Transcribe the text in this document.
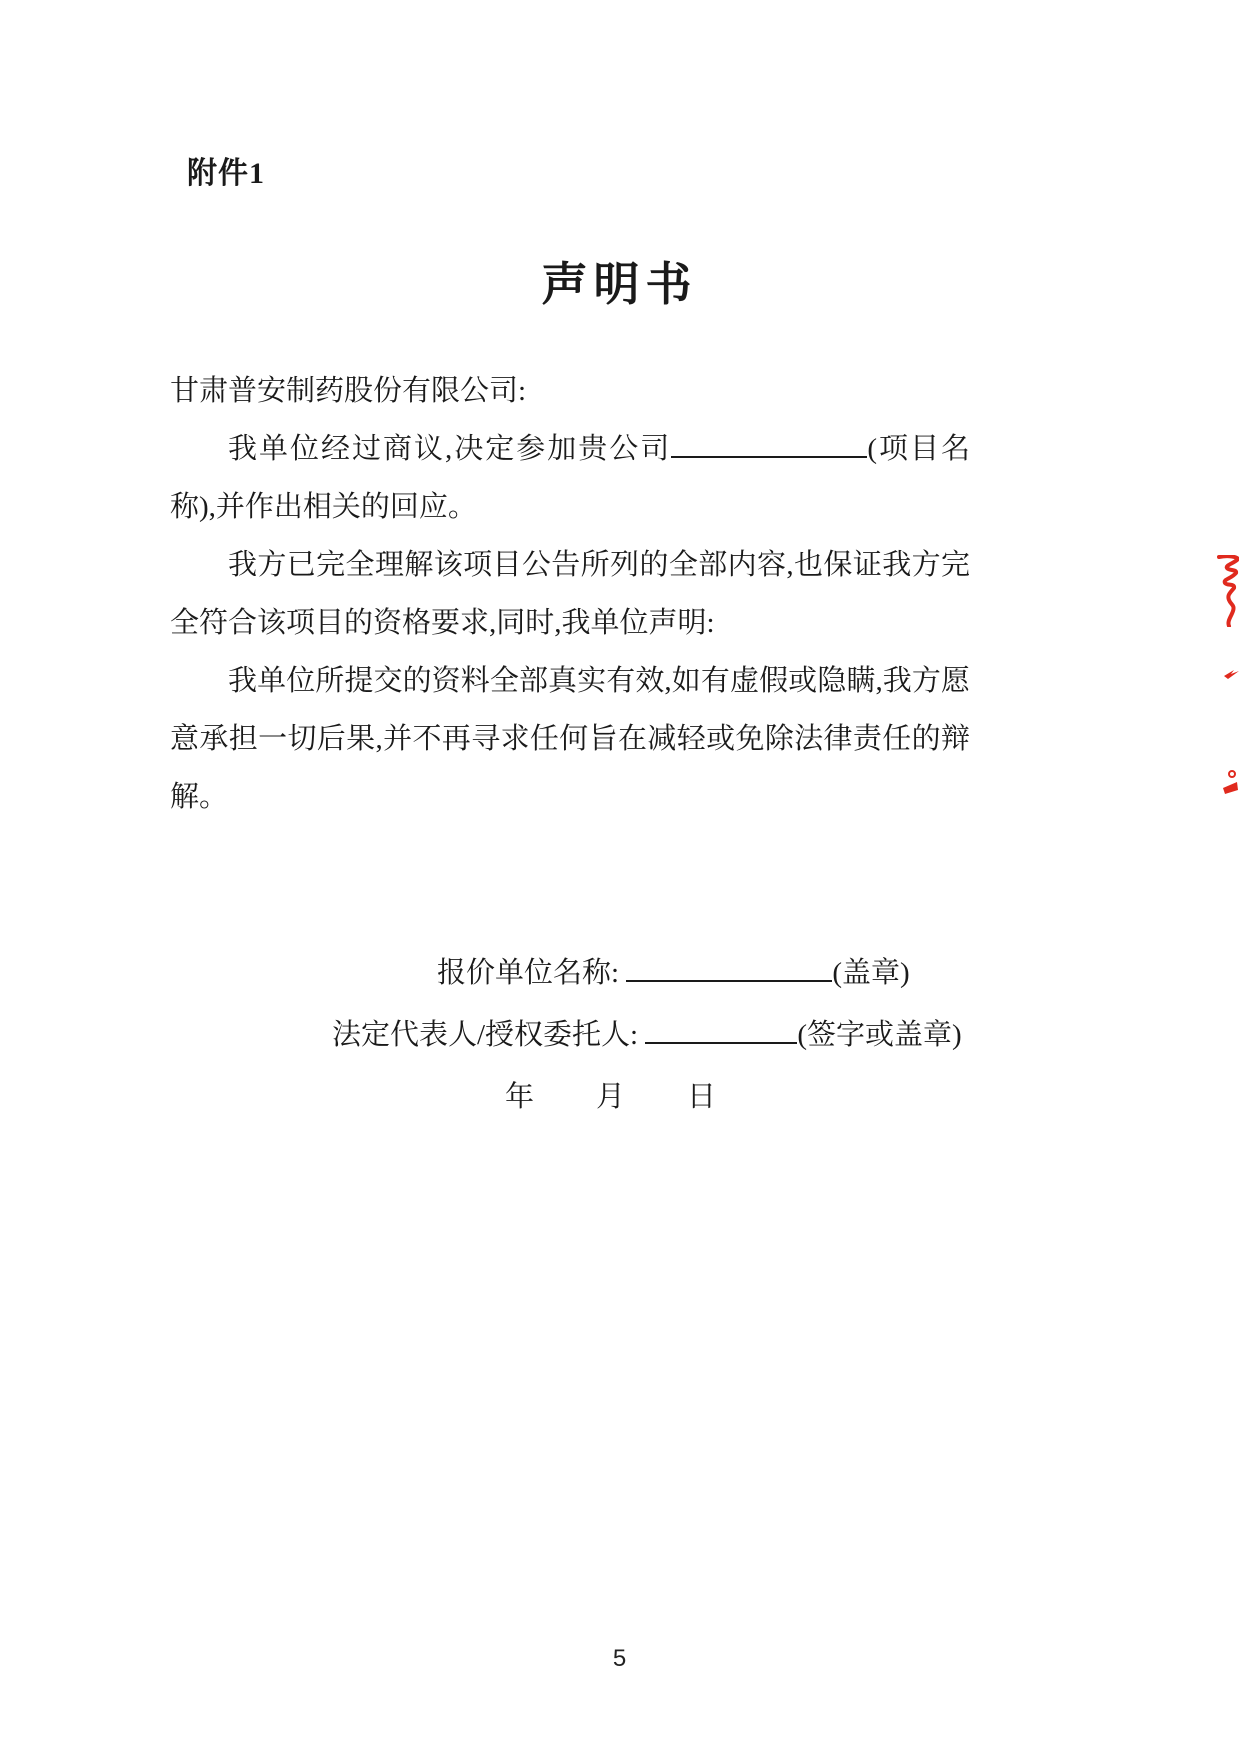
附件1
声明书

甘肃普安制药股份有限公司:

我单位经过商议,决定参加贵公司	(项目名称),并作出相关的回应。

我方已完全理解该项目公告所列的全部内容,也保证我方完全符合该项目的资格要求,同时,我单位声明:

我单位所提交的资料全部真实有效,如有虚假或隐瞒,我方愿意承担一切后果,并不再寻求任何旨在减轻或免除法律责任的辩解。

报价单位名称:	(盖章)
法定代表人/授权委托人:	(签字或盖章)
年 月 日
5
